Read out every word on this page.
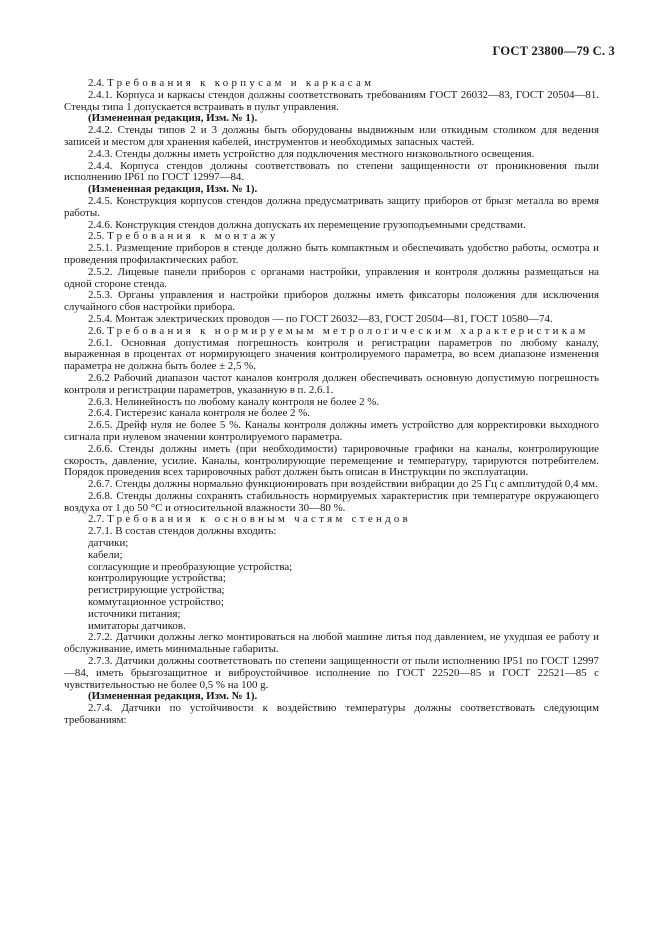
ГОСТ 23800—79 С. 3
2.4. Требования к корпусам и каркасам
2.4.1. Корпуса и каркасы стендов должны соответствовать требованиям ГОСТ 26032—83, ГОСТ 20504—81. Стенды типа 1 допускается встраивать в пульт управления.
(Измененная редакция, Изм. № 1).
2.4.2. Стенды типов 2 и 3 должны быть оборудованы выдвижным или откидным столиком для ведения записей и местом для хранения кабелей, инструментов и необходимых запасных частей.
2.4.3. Стенды должны иметь устройство для подключения местного низковольтного освещения.
2.4.4. Корпуса стендов должны соответствовать по степени защищенности от проникновения пыли исполнению IP61 по ГОСТ 12997—84.
(Измененная редакция, Изм. № 1).
2.4.5. Конструкция корпусов стендов должна предусматривать защиту приборов от брызг металла во время работы.
2.4.6. Конструкция стендов должна допускать их перемещение грузоподъемными средствами.
2.5. Требования к монтажу
2.5.1. Размещение приборов в стенде должно быть компактным и обеспечивать удобство работы, осмотра и проведения профилактических работ.
2.5.2. Лицевые панели приборов с органами настройки, управления и контроля должны размещаться на одной стороне стенда.
2.5.3. Органы управления и настройки приборов должны иметь фиксаторы положения для исключения случайного сбоя настройки прибора.
2.5.4. Монтаж электрических проводов — по ГОСТ 26032—83, ГОСТ 20504—81, ГОСТ 10580—74.
2.6. Требования к нормируемым метрологическим характеристикам
2.6.1. Основная допустимая погрешность контроля и регистрации параметров по любому каналу, выраженная в процентах от нормирующего значения контролируемого параметра, во всем диапазоне изменения параметра не должна быть более ± 2,5 %.
2.6.2 Рабочий диапазон частот каналов контроля должен обеспечивать основную допустимую погрешность контроля и регистрации параметров, указанную в п. 2.6.1.
2.6.3. Нелинейность по любому каналу контроля не более 2 %.
2.6.4. Гистерезис канала контроля не более 2 %.
2.6.5. Дрейф нуля не более 5 %. Каналы контроля должны иметь устройство для корректировки выходного сигнала при нулевом значении контролируемого параметра.
2.6.6. Стенды должны иметь (при необходимости) тарировочные графики на каналы, контролирующие скорость, давление, усилие. Каналы, контролирующие перемещение и температуру, тарируются потребителем. Порядок проведения всех тарировочных работ должен быть описан в Инструкции по эксплуатации.
2.6.7. Стенды должны нормально функционировать при воздействии вибрации до 25 Гц с амплитудой 0,4 мм.
2.6.8. Стенды должны сохранять стабильность нормируемых характеристик при температуре окружающего воздуха от 1 до 50 °С и относительной влажности 30—80 %.
2.7. Требования к основным частям стендов
2.7.1. В состав стендов должны входить:
датчики;
кабели;
согласующие и преобразующие устройства;
контролирующие устройства;
регистрирующие устройства;
коммутационное устройство;
источники питания;
имитаторы датчиков.
2.7.2. Датчики должны легко монтироваться на любой машине литья под давлением, не ухудшая ее работу и обслуживание, иметь минимальные габариты.
2.7.3. Датчики должны соответствовать по степени защищенности от пыли исполнению IP51 по ГОСТ 12997—84, иметь брызгозащитное и виброустойчивое исполнение по ГОСТ 22520—85 и ГОСТ 22521—85 с чувствительностью не более 0,5 % на 100 g.
(Измененная редакция, Изм. № 1).
2.7.4. Датчики по устойчивости к воздействию температуры должны соответствовать следующим требованиям:
